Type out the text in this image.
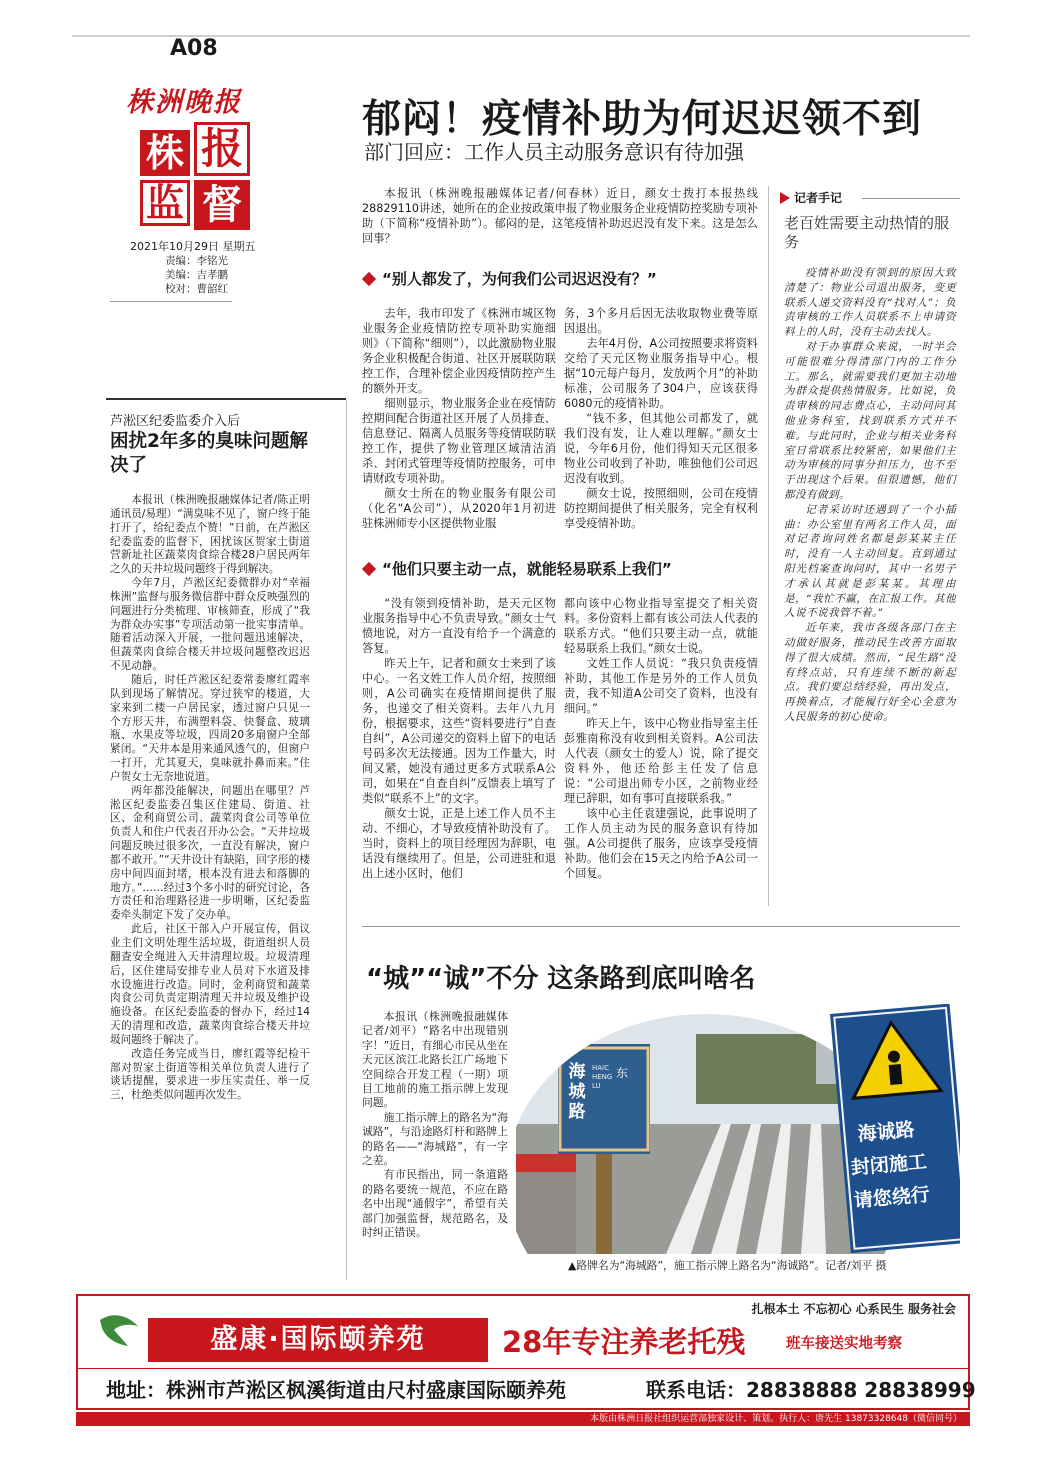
A08
株洲晚报
株 报
监 督
2021年10月29日 星期五
责编：李铭光
美编：吉孝鹏
校对：曹韶红
郁闷！疫情补助为何迟迟领不到
部门回应：工作人员主动服务意识有待加强

本报讯（株洲晚报融媒体记者/何春林）近日，颜女士拨打本报热线28829110讲述，她所在的企业按政策申报了物业服务企业疫情防控奖励专项补助（下简称“疫情补助”）。郁闷的是，这笔疫情补助迟迟没有发下来。这是怎么回事？

“别人都发了，为何我们公司迟迟没有？”

去年，我市印发了《株洲市城区物业服务企业疫情防控专项补助实施细则》（下简称“细则”），以此激励物业服务企业积极配合街道、社区开展联防联控工作，合理补偿企业因疫情防控产生的额外开支。

细则显示，物业服务企业在疫情防控期间配合街道社区开展了人员排查、信息登记、隔离人员服务等疫情联防联控工作，提供了物业管理区域清洁消杀、封闭式管理等疫情防控服务，可申请财政专项补助。

颜女士所在的物业服务有限公司（化名“A公司”），从2020年1月初进驻株洲师专小区提供物业服

务，3个多月后因无法收取物业费等原因退出。

去年4月份，A公司按照要求将资料交给了天元区物业服务指导中心。根据“10元每户每月，发放两个月”的补助标准，公司服务了304户，应该获得6080元的疫情补助。

“钱不多，但其他公司都发了，就我们没有发，让人难以理解。”颜女士说，今年6月份，他们得知天元区很多物业公司收到了补助，唯独他们公司迟迟没有收到。

颜女士说，按照细则，公司在疫情防控期间提供了相关服务，完全有权利享受疫情补助。

“他们只要主动一点，就能轻易联系上我们”

“没有领到疫情补助，是天元区物业服务指导中心不负责导致。”颜女士气愤地说，对方一直没有给予一个满意的答复。

昨天上午，记者和颜女士来到了该中心。一名文姓工作人员介绍，按照细则，A公司确实在疫情期间提供了服务，也递交了相关资料。去年八九月份，根据要求，这些“资料要进行”自查自纠”，A公司递交的资料上留下的电话号码多次无法接通。因为工作量大，时间又紧，她没有通过更多方式联系A公司，如果在“自查自纠”反馈表上填写了类似“联系不上”的文字。

颜女士说，正是上述工作人员不主动、不细心，才导致疫情补助没有了。当时，资料上的项目经理因为辞职，电话没有继续用了。但是，公司进驻和退出上述小区时，他们

都向该中心物业指导室提交了相关资料。多份资料上都有该公司法人代表的联系方式。“他们只要主动一点，就能轻易联系上我们。”颜女士说。

文姓工作人员说：“我只负责疫情补助，其他工作是另外的工作人员负责，我不知道A公司交了资料，也没有细问。”

昨天上午，该中心物业指导室主任彭雅南称没有收到相关资料。A公司法人代表（颜女士的爱人）说，除了提交资料外，他还给彭主任发了信息说：“公司退出师专小区，之前物业经理已辞职，如有事可直接联系我。”

该中心主任袁建强说，此事说明了工作人员主动为民的服务意识有待加强。A公司提供了服务，应该享受疫情补助。他们会在15天之内给予A公司一个回复。

记者手记
老百姓需要主动热情的服务

疫情补助没有领到的原因大致清楚了：物业公司退出服务，变更联系人递交资料没有“找对人”；负责审核的工作人员联系不上申请资料上的人时，没有主动去找人。

对于办事群众来说，一时半会可能很难分得清部门内的工作分工。那么，就需要我们更加主动地为群众提供热情服务。比如说，负责审核的同志费点心，主动问问其他业务科室，找到联系方式并不难。与此同时，企业与相关业务科室日常联系比较紧密，如果他们主动为审核的同事分担压力，也不至于出现这个后果。但很遗憾，他们都没有做到。

记者采访时还遇到了一个小插曲：办公室里有两名工作人员，面对记者询问姓名都是彭某某主任时，没有一人主动回复。直到通过阳光档案查询问时，其中一名男子才承认其就是彭某某。其理由是，“我忙不赢，在汇报工作。其他人说不说我管不着。”

近年来，我市各级各部门在主动做好服务，推动民生改善方面取得了很大成绩。然而，“民生路”没有终点站，只有连续不断的新起点。我们要总结经验，再出发点，再换着点，才能履行好全心全意为人民服务的初心使命。

芦淞区纪委监委介入后
困扰2年多的臭味问题解决了

本报讯（株洲晚报融媒体记者/陈正明 通讯员/易理）“满臭味不见了，窗户终于能打开了，给纪委点个赞！”日前，在芦淞区纪委监委的监督下，困扰该区贺家土街道营新址社区蔬菜肉食综合楼28户居民两年之久的天井垃圾问题终于得到解决。

今年7月，芦淞区纪委微群办对“幸福株洲”监督与服务微信群中群众反映强烈的问题进行分类梳理、审核筛查，形成了“我为群众办实事”专项活动第一批实事清单。随着活动深入开展，一批问题迅速解决，但蔬菜肉食综合楼天井垃圾问题整改迟迟不见动静。

随后，时任芦淞区纪委常委廖红霞率队到现场了解情况。穿过狭窄的楼道，大家来到二楼一户居民家，透过窗户只见一个方形天井，布满塑料袋、快餐盒、玻璃瓶、水果皮等垃圾，四周20多扇窗户全部紧闭。“天井本是用来通风透气的，但窗户一打开，尤其夏天，臭味就扑鼻而来。”住户贺女士无奈地说道。

两年都没能解决，问题出在哪里？芦淞区纪委监委召集区住建局、街道、社区、金利商贸公司、蔬菜肉食公司等单位负责人和住户代表召开办公会。“天井垃圾问题反映过很多次，一直没有解决，窗户都不敢开。”“天井设计有缺陷，回字形的楼房中间四面封堵，根本没有进去和落脚的地方。”……经过3个多小时的研究讨论，各方责任和治理路径进一步明晰，区纪委监委牵头制定下发了交办单。

此后，社区干部入户开展宣传，倡议业主们文明处理生活垃圾，街道组织人员翻查安全绳进入天井清理垃圾。垃圾清理后，区住建局安排专业人员对下水道及排水设施进行改造。同时，金利商贸和蔬菜肉食公司负责定期清理天井垃圾及维护设施设备。在区纪委监委的督办下，经过14天的清理和改造，蔬菜肉食综合楼天井垃圾问题终于解决了。

改造任务完成当日，廖红霞等纪检干部对贺家土街道等相关单位负责人进行了谈话提醒，要求进一步压实责任、举一反三，杜绝类似问题再次发生。

“城”“诚”不分 这条路到底叫啥名

本报讯（株洲晚报融媒体记者/刘平）“路名中出现错别字！”近日，有细心市民从坐在天元区滨江北路长江广场地下空间综合开发工程（一期）项目工地前的施工指示牌上发现问题。

施工指示牌上的路名为“海诚路”，与沿途路灯杆和路牌上的路名——“海城路”，有一字之差。

有市民指出，同一条道路的路名要统一规范，不应在路名中出现“通假字”，希望有关部门加强监督，规范路名，及时纠正错误。

海城路
HAICHENG LU
东
海诚路
封闭施工
请您绕行
▲路牌名为“海城路”，施工指示牌上路名为“海诚路”。记者/刘平 摄
扎根本土 不忘初心 心系民生 服务社会
盛康·国际颐养苑	28年专注养老托残	班车接送实地考察
地址：株洲市芦淞区枫溪街道由尺村盛康国际颐养苑	联系电话：28838888 28838999
本版由株洲日报社组织运营部独家设计、策划。执行人：唐先生 13873328648（微信同号）
